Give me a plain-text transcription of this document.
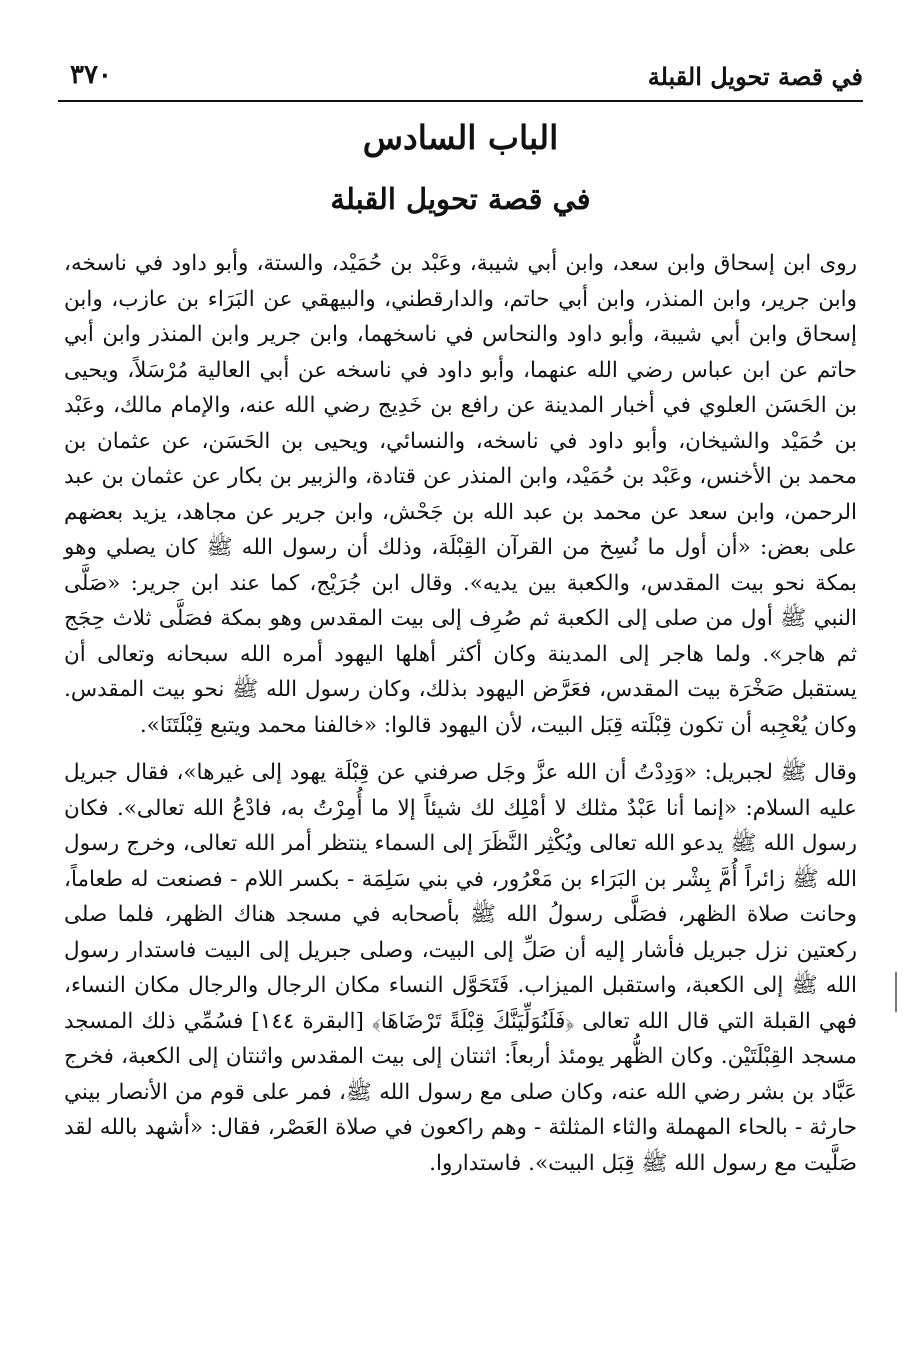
في قصة تحويل القبلة
٣٧٠
الباب السادس
في قصة تحويل القبلة

روى ابن إسحاق وابن سعد، وابن أبي شيبة، وعَبْد بن حُمَيْد، والستة، وأبو داود في ناسخه، وابن جرير، وابن المنذر، وابن أبي حاتم، والدارقطني، والبيهقي عن البَرَاء بن عازب، وابن إسحاق وابن أبي شيبة، وأبو داود والنحاس في ناسخهما، وابن جرير وابن المنذر وابن أبي حاتم عن ابن عباس رضي الله عنهما، وأبو داود في ناسخه عن أبي العالية مُرْسَلاً، ويحيى بن الحَسَن العلوي في أخبار المدينة عن رافع بن خَدِيج رضي الله عنه، والإمام مالك، وعَبْد بن حُمَيْد والشيخان، وأبو داود في ناسخه، والنسائي، ويحيى بن الحَسَن، عن عثمان بن محمد بن الأخنس، وعَبْد بن حُمَيْد، وابن المنذر عن قتادة، والزبير بن بكار عن عثمان بن عبد الرحمن، وابن سعد عن محمد بن عبد الله بن جَحْش، وابن جرير عن مجاهد، يزيد بعضهم على بعض: «أن أول ما نُسِخ من القرآن القِبْلَة، وذلك أن رسول الله ﷺ كان يصلي وهو بمكة نحو بيت المقدس، والكعبة بين يديه». وقال ابن جُرَيْج، كما عند ابن جرير: «صَلَّى النبي ﷺ أول من صلى إلى الكعبة ثم صُرِف إلى بيت المقدس وهو بمكة فصَلَّى ثلاث حِجَج ثم هاجر». ولما هاجر إلى المدينة وكان أكثر أهلها اليهود أمره الله سبحانه وتعالى أن يستقبل صَخْرَة بيت المقدس، فعَرَّض اليهود بذلك، وكان رسول الله ﷺ نحو بيت المقدس. وكان يُعْجِبه أن تكون قِبْلَته قِبَل البيت، لأن اليهود قالوا: «خالفنا محمد ويتبع قِبْلَتَنَا».

وقال ﷺ لجبريل: «وَدِدْتُ أن الله عزَّ وجَل صرفني عن قِبْلَة يهود إلى غيرها»، فقال جبريل عليه السلام: «إنما أنا عَبْدٌ مثلك لا أمْلِك لك شيئاً إلا ما أُمِرْتُ به، فادْعُ الله تعالى». فكان رسول الله ﷺ يدعو الله تعالى ويُكْثِر النَّظَرَ إلى السماء ينتظر أمر الله تعالى، وخرج رسول الله ﷺ زائراً أُمَّ بِشْر بن البَرَاء بن مَعْرُور، في بني سَلِمَة - بكسر اللام - فصنعت له طعاماً، وحانت صلاة الظهر، فصَلَّى رسولُ الله ﷺ بأصحابه في مسجد هناك الظهر، فلما صلى ركعتين نزل جبريل فأشار إليه أن صَلِّ إلى البيت، وصلى جبريل إلى البيت فاستدار رسول الله ﷺ إلى الكعبة، واستقبل الميزاب. فَتَحَوَّل النساء مكان الرجال والرجال مكان النساء، فهي القبلة التي قال الله تعالى ﴿فَلَنُوَلِّيَنَّكَ قِبْلَةً تَرْضَاهَا﴾ [البقرة ١٤٤] فسُمِّي ذلك المسجد مسجد القِبْلَتَيْن. وكان الظُّهر يومئذ أربعاً: اثنتان إلى بيت المقدس واثنتان إلى الكعبة، فخرج عَبَّاد بن بشر رضي الله عنه، وكان صلى مع رسول الله ﷺ، فمر على قوم من الأنصار بيني حارثة - بالحاء المهملة والثاء المثلثة - وهم راكعون في صلاة العَصْر، فقال: «أشهد بالله لقد صَلَّيت مع رسول الله ﷺ قِبَل البيت». فاستداروا.
